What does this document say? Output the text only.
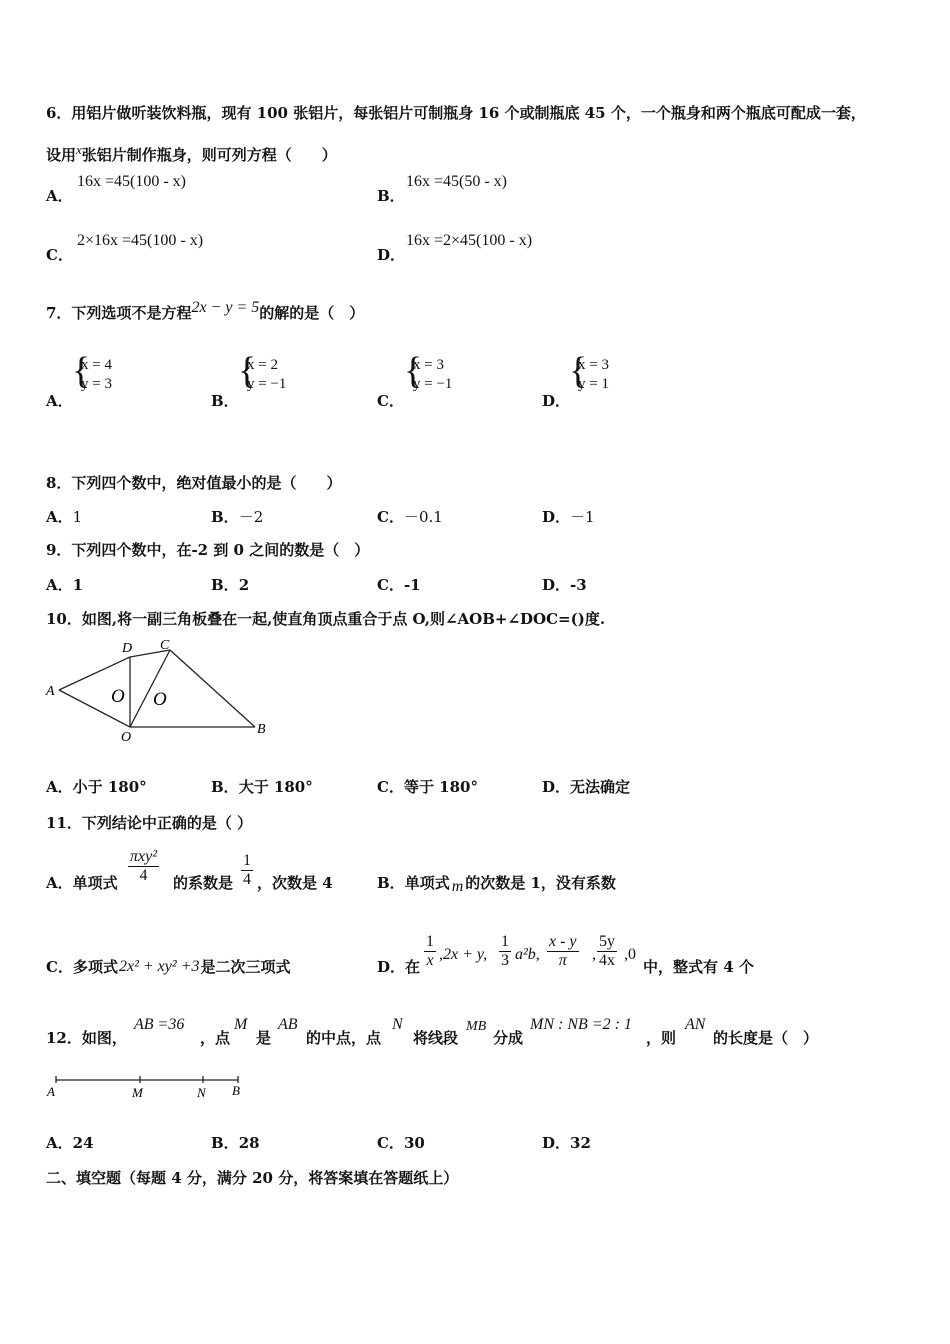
6．用铝片做听装饮料瓶，现有 100 张铝片，每张铝片可制瓶身 16 个或制瓶底 45 个，一个瓶身和两个瓶底可配成一套，
设用$^x$张铝片制作瓶身，则可列方程（　　）
A．
16x =45(100 - x)
B．
16x =45(50 - x)
C．
2×16x =45(100 - x)
D．
16x =2×45(100 - x)
7．下列选项不是方程2x − y = 5的解的是（　）
A．
{
x = 4
y = 3
B．
{
x = 2
y = −1
C．
{
x = 3
y = −1
D．
{
x = 3
y = 1
8．下列四个数中，绝对值最小的是（　　）
A．1	B．－2	C．－0.1	D．－1
9．下列四个数中，在-2 到 0 之间的数是（　）
A．1	B．2	C．-1	D．-3
10．如图,将一副三角板叠在一起,使直角顶点重合于点 O,则∠AOB+∠DOC=()度.
A
D C
O
B
O O
A．小于 180°	B．大于 180°	C．等于 180°	D．无法确定
11．下列结论中正确的是（ ）
A．单项式
πxy²
4	的系数是 $\frac{1}{4}$ ，次数是 4	B．单项式 m 的次数是 1，没有系数
C．多项式2x² + xy² +3是二次三项式	D．在 $\frac{1}{x} ,2x + y$, $\frac{1}{3} a^2b$, $\frac{x - y}{\pi}$ , $\frac{5y}{4x} ,0$
中，整式有 4 个
12．如图，
AB =36
，点
M
是
AB
的中点，点
N
将线段
MB
分成
MN : NB =2 : 1
，则
AN
的长度是（　）
A	M	N B
A．24	B．28	C．30	D．32
二、填空题（每题 4 分，满分 20 分，将答案填在答题纸上）
